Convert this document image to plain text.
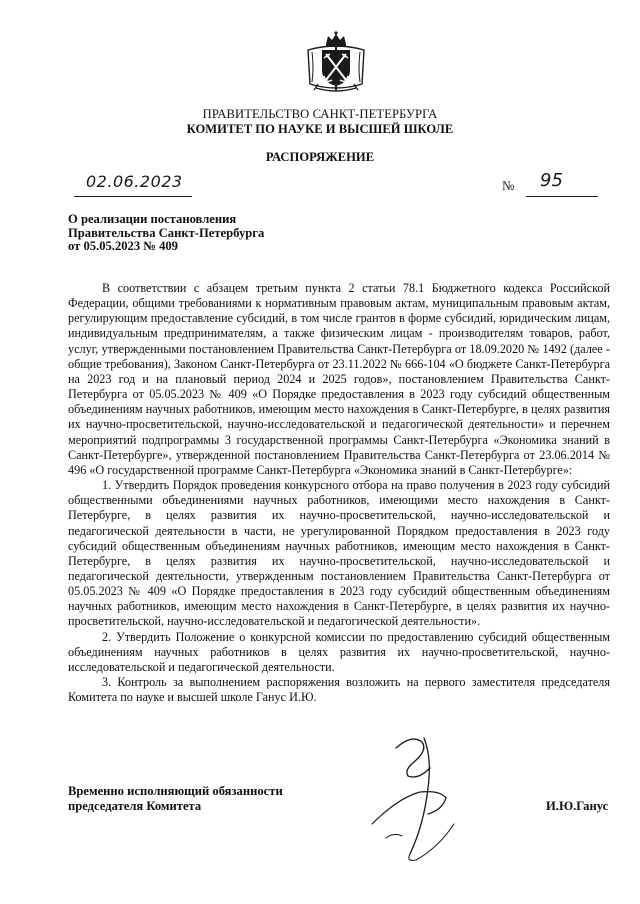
ПРАВИТЕЛЬСТВО САНКТ-ПЕТЕРБУРГА
КОМИТЕТ ПО НАУКЕ И ВЫСШЕЙ ШКОЛЕ
РАСПОРЯЖЕНИЕ
02.06.2023	№ 95
О реализации постановления
Правительства Санкт-Петербурга
от 05.05.2023 № 409

В соответствии с абзацем третьим пункта 2 статьи 78.1 Бюджетного кодекса Российской Федерации, общими требованиями к нормативным правовым актам, муниципальным правовым актам, регулирующим предоставление субсидий, в том числе грантов в форме субсидий, юридическим лицам, индивидуальным предпринимателям, а также физическим лицам - производителям товаров, работ, услуг, утвержденными постановлением Правительства Санкт-Петербурга от 18.09.2020 № 1492 (далее - общие требования), Законом Санкт-Петербурга от 23.11.2022 № 666-104 «О бюджете Санкт-Петербурга на 2023 год и на плановый период 2024 и 2025 годов», постановлением Правительства Санкт-Петербурга от 05.05.2023 № 409 «О Порядке предоставления в 2023 году субсидий общественным объединениям научных работников, имеющим место нахождения в Санкт-Петербурге, в целях развития их научно-просветительской, научно-исследовательской и педагогической деятельности» и перечнем мероприятий подпрограммы 3 государственной программы Санкт-Петербурга «Экономика знаний в Санкт-Петербурге», утвержденной постановлением Правительства Санкт-Петербурга от 23.06.2014 № 496 «О государственной программе Санкт-Петербурга «Экономика знаний в Санкт-Петербурге»:

1. Утвердить Порядок проведения конкурсного отбора на право получения в 2023 году субсидий общественными объединениями научных работников, имеющими место нахождения в Санкт-Петербурге, в целях развития их научно-просветительской, научно-исследовательской и педагогической деятельности в части, не урегулированной Порядком предоставления в 2023 году субсидий общественным объединениям научных работников, имеющим место нахождения в Санкт-Петербурге, в целях развития их научно-просветительской, научно-исследовательской и педагогической деятельности, утвержденным постановлением Правительства Санкт-Петербурга от 05.05.2023 № 409 «О Порядке предоставления в 2023 году субсидий общественным объединениям научных работников, имеющим место нахождения в Санкт-Петербурге, в целях развития их научно-просветительской, научно-исследовательской и педагогической деятельности».

2. Утвердить Положение о конкурсной комиссии по предоставлению субсидий общественным объединениям научных работников в целях развития их научно-просветительской, научно-исследовательской и педагогической деятельности.

3. Контроль за выполнением распоряжения возложить на первого заместителя председателя Комитета по науке и высшей школе Ганус И.Ю.

Временно исполняющий обязанности
председателя Комитета	И.Ю.Ганус
